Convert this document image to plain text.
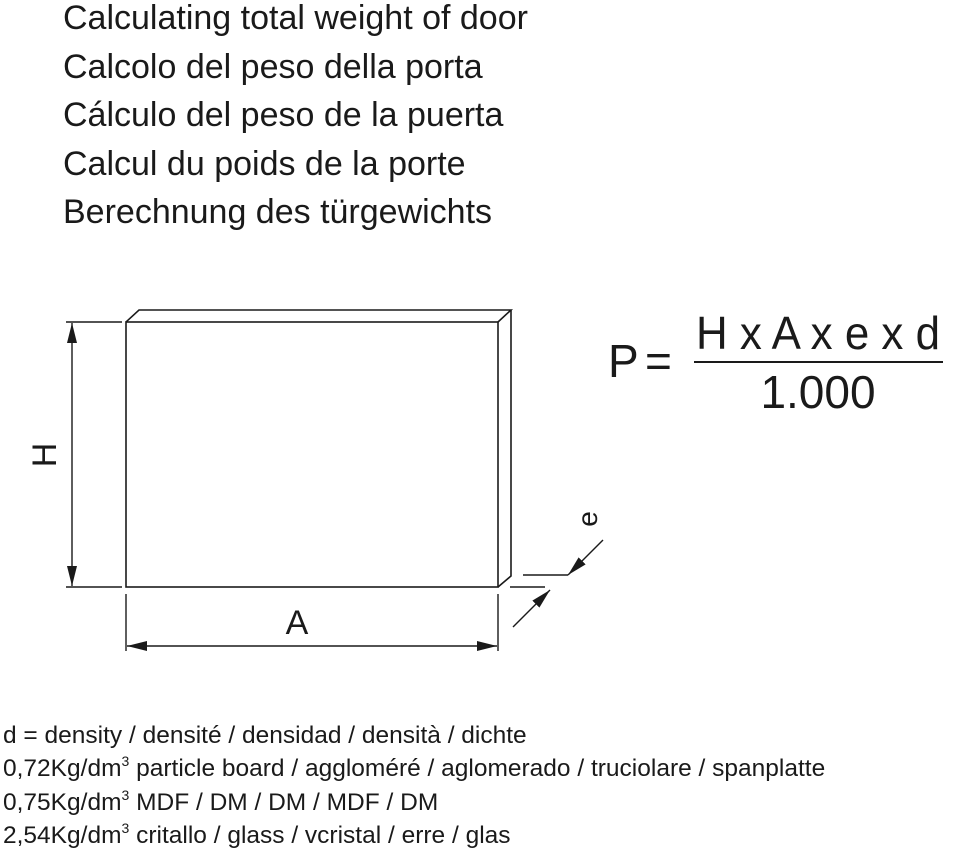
Calculating total weight of door
Calcolo del peso della porta
Cálculo del peso de la puerta
Calcul du poids de la porte
Berechnung des türgewichts
H
A
e
P =
H x A x e x d
1.000
d = density / densité / densidad / densità / dichte
$0,72Kg/dm^3$ particle board / aggloméré / aglomerado / truciolare / spanplatte
$0,75Kg/dm^3$ MDF / DM / DM / MDF / DM
$2,54Kg/dm^3$ critallo / glass / vcristal / erre / glas
